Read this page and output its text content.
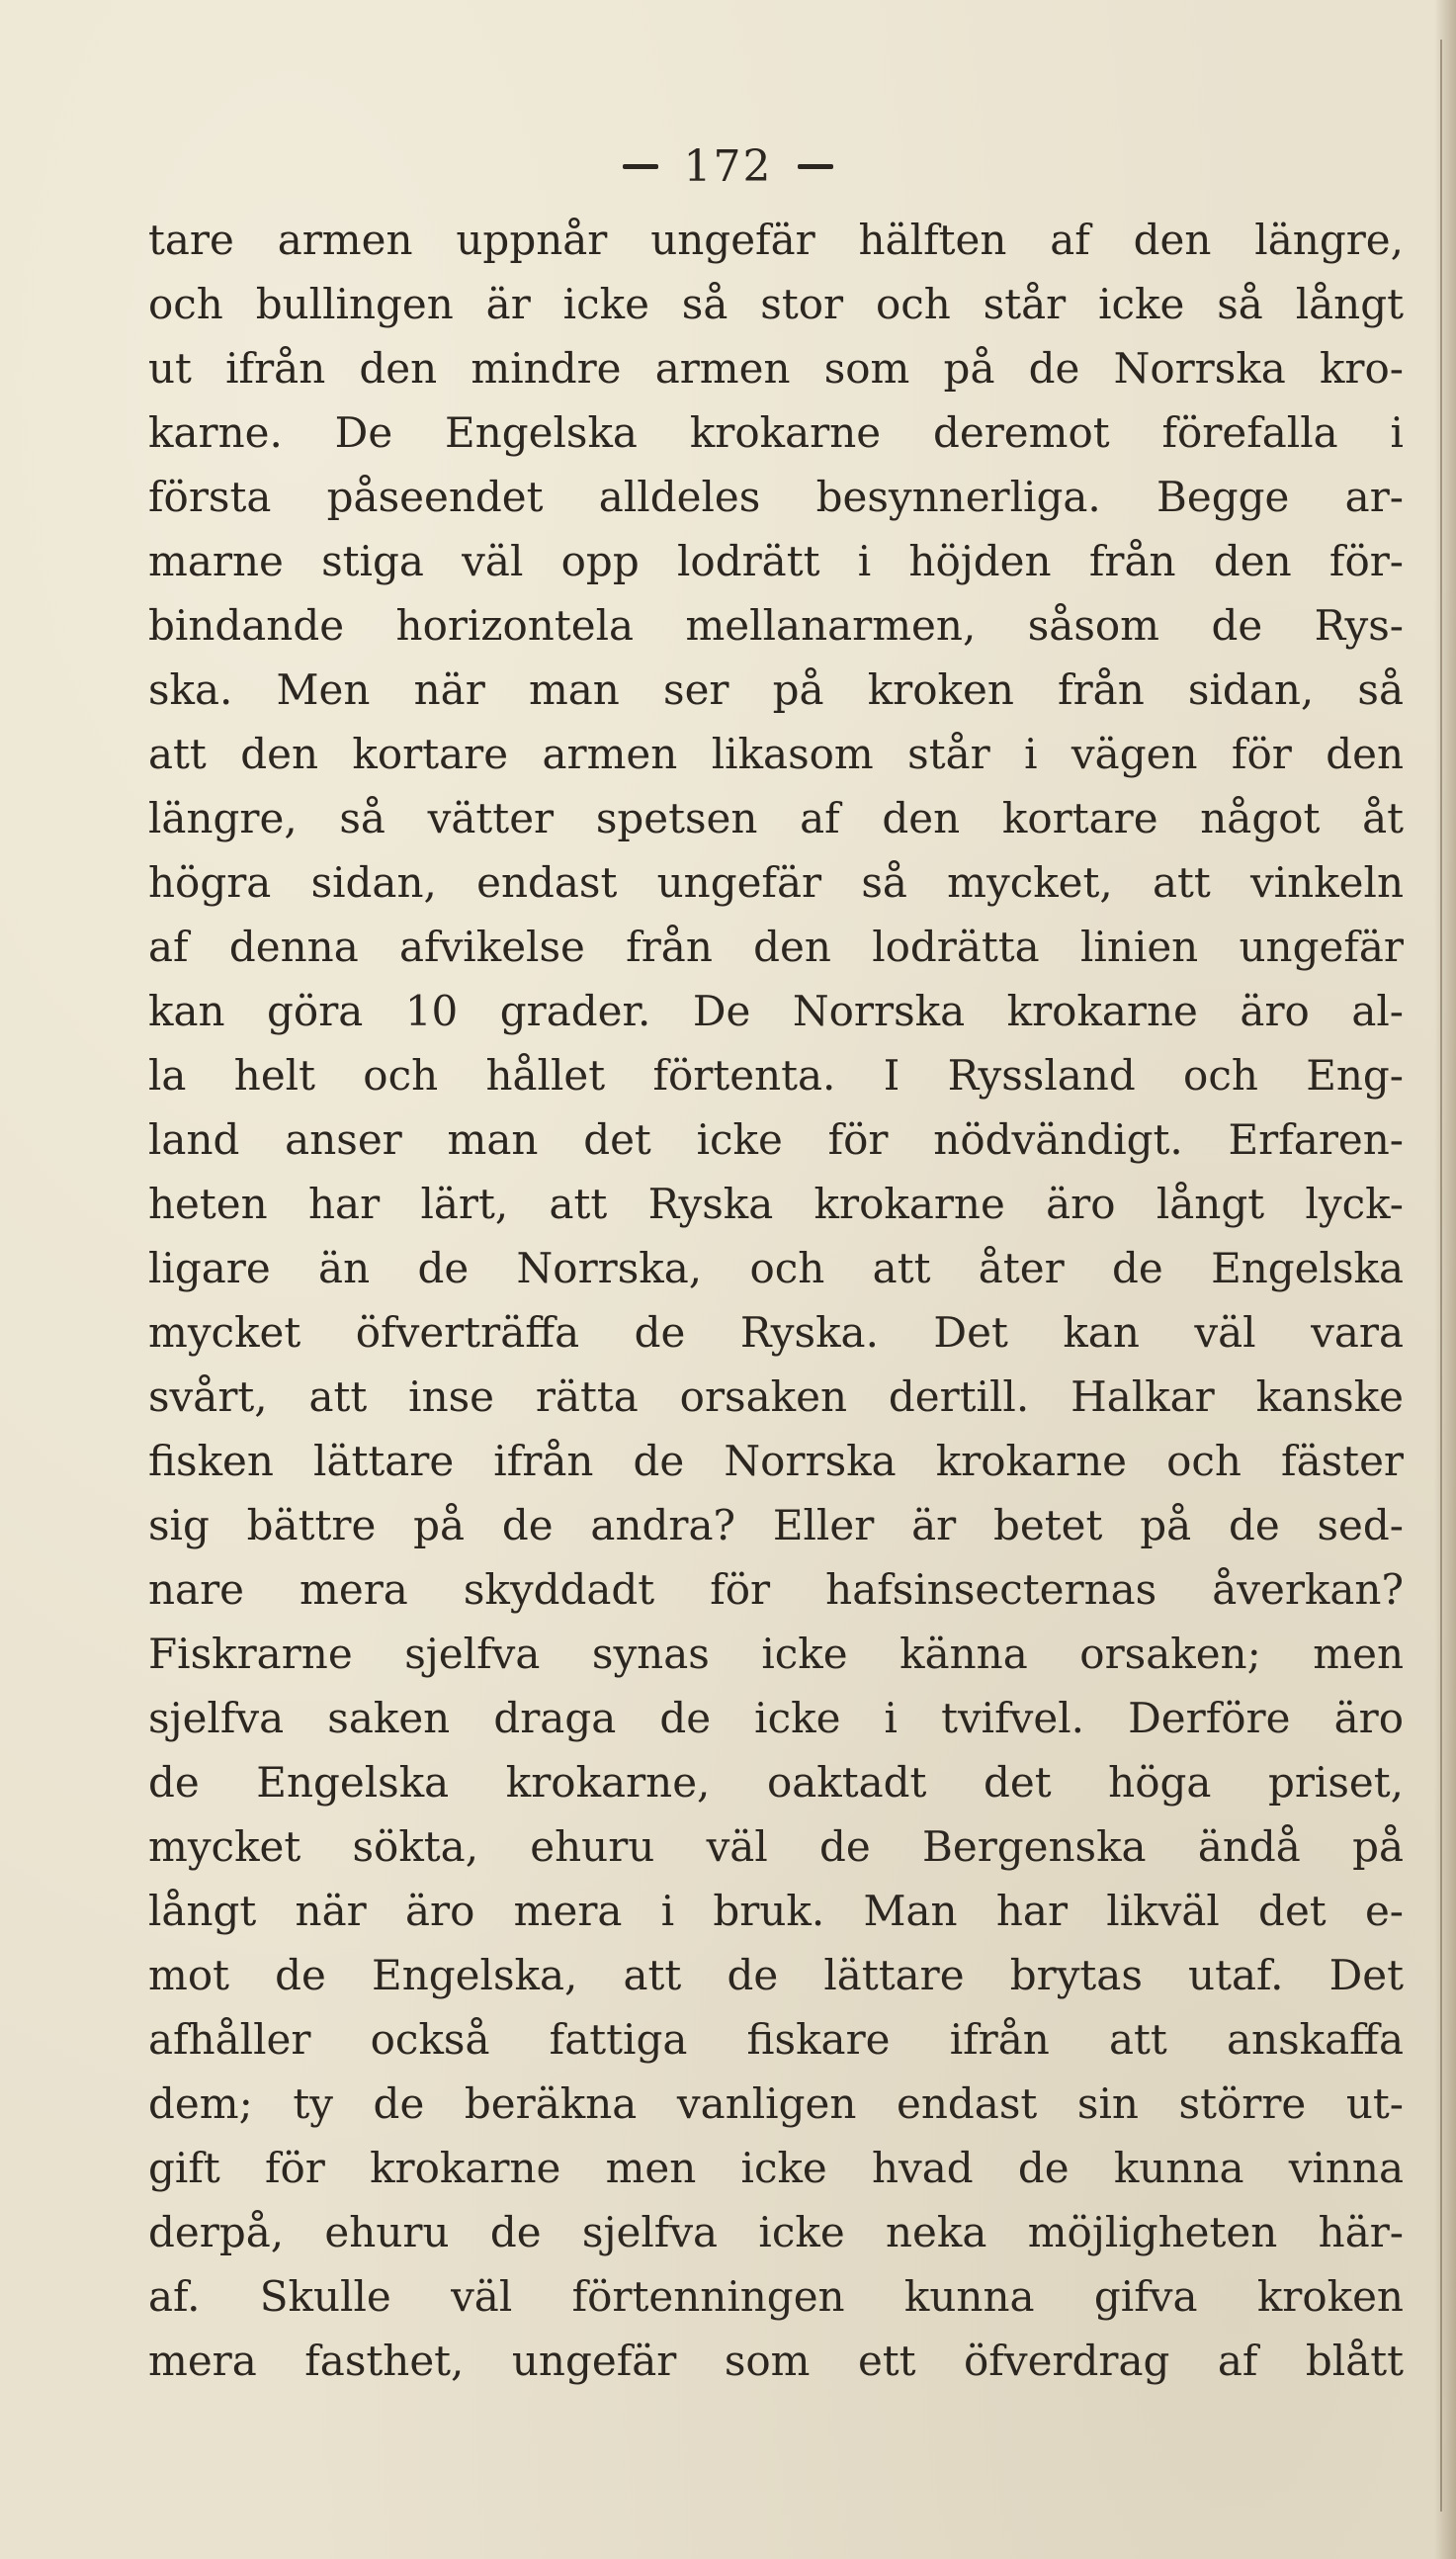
172
tare armen uppnår ungefär hälften af den längre,
och bullingen är icke så stor och står icke så långt
ut ifrån den mindre armen som på de Norrska kro-
karne. De Engelska krokarne deremot förefalla i
första påseendet alldeles besynnerliga. Begge ar-
marne stiga väl opp lodrätt i höjden från den för-
bindande horizontela mellanarmen, såsom de Rys-
ska. Men när man ser på kroken från sidan, så
att den kortare armen likasom står i vägen för den
längre, så vätter spetsen af den kortare något åt
högra sidan, endast ungefär så mycket, att vinkeln
af denna afvikelse från den lodrätta linien ungefär
kan göra 10 grader. De Norrska krokarne äro al-
la helt och hållet förtenta. I Ryssland och Eng-
land anser man det icke för nödvändigt. Erfaren-
heten har lärt, att Ryska krokarne äro långt lyck-
ligare än de Norrska, och att åter de Engelska
mycket öfverträffa de Ryska. Det kan väl vara
svårt, att inse rätta orsaken dertill. Halkar kanske
fisken lättare ifrån de Norrska krokarne och fäster
sig bättre på de andra? Eller är betet på de sed-
nare mera skyddadt för hafsinsecternas åverkan?
Fiskrarne sjelfva synas icke känna orsaken; men
sjelfva saken draga de icke i tvifvel. Derföre äro
de Engelska krokarne, oaktadt det höga priset,
mycket sökta, ehuru väl de Bergenska ändå på
långt när äro mera i bruk. Man har likväl det e-
mot de Engelska, att de lättare brytas utaf. Det
afhåller också fattiga fiskare ifrån att anskaffa
dem; ty de beräkna vanligen endast sin större ut-
gift för krokarne men icke hvad de kunna vinna
derpå, ehuru de sjelfva icke neka möjligheten här-
af. Skulle väl förtenningen kunna gifva kroken
mera fasthet, ungefär som ett öfverdrag af blått
